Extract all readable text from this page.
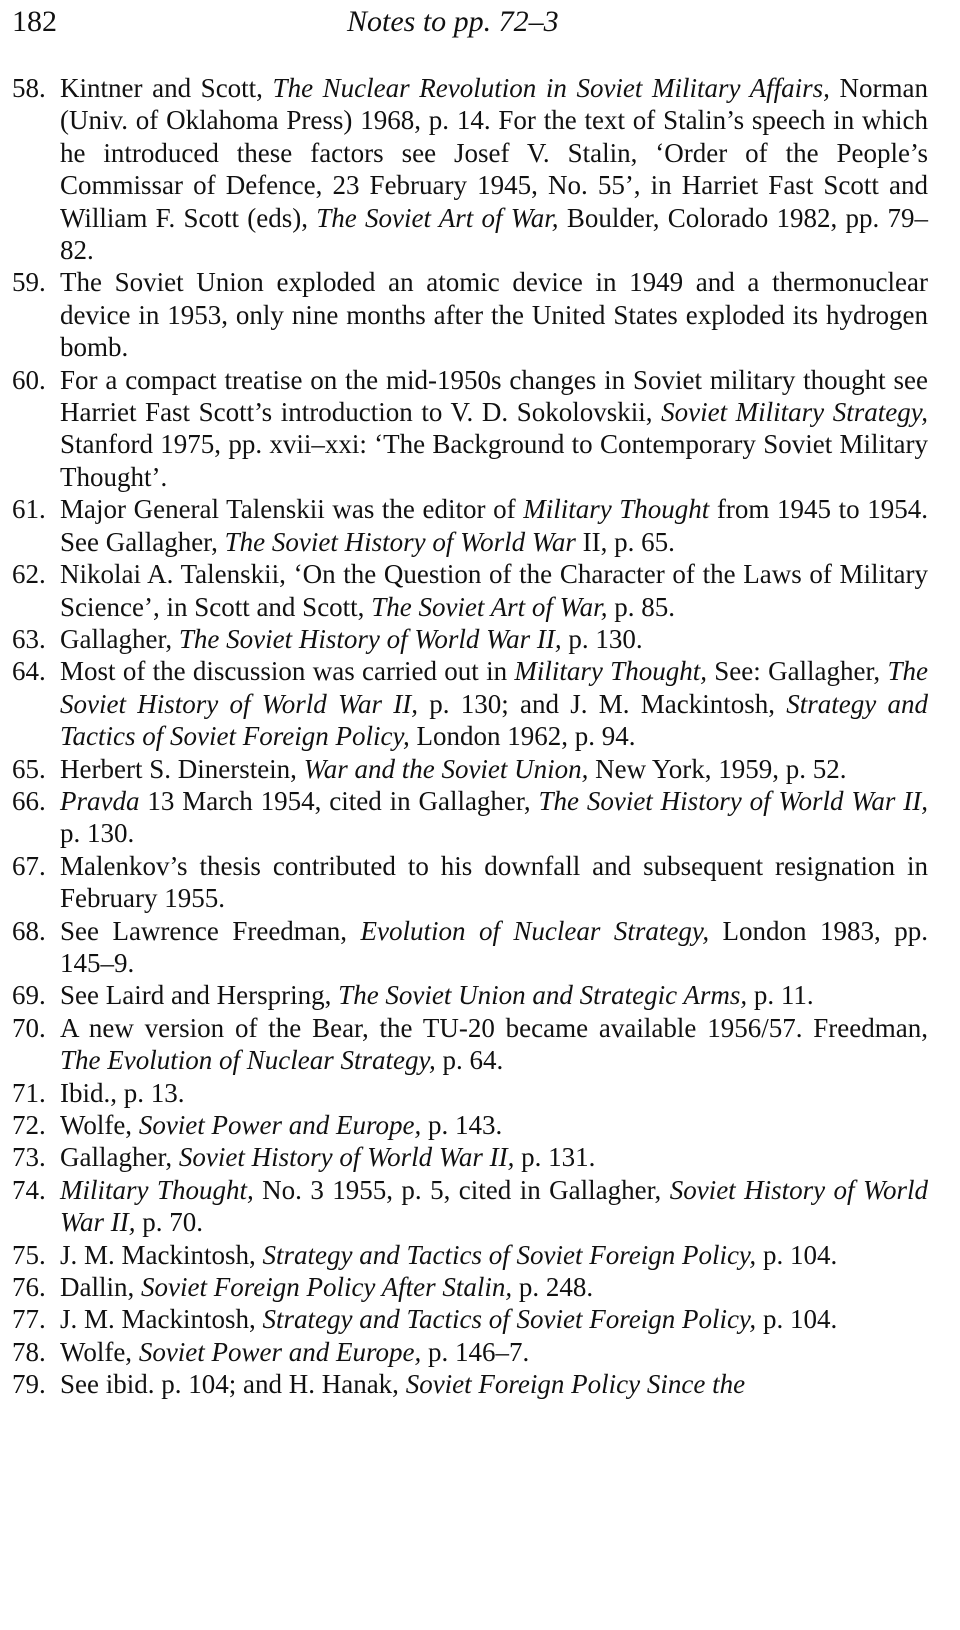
182	Notes to pp. 72–3
58. Kintner and Scott, The Nuclear Revolution in Soviet Military Affairs, Norman (Univ. of Oklahoma Press) 1968, p. 14. For the text of Stalin’s speech in which he introduced these factors see Josef V. Stalin, ‘Order of the People’s Commissar of Defence, 23 February 1945, No. 55’, in Harriet Fast Scott and William F. Scott (eds), The Soviet Art of War, Boulder, Colorado 1982, pp. 79–82.
59. The Soviet Union exploded an atomic device in 1949 and a thermonuclear device in 1953, only nine months after the United States exploded its hydrogen bomb.
60. For a compact treatise on the mid-1950s changes in Soviet military thought see Harriet Fast Scott’s introduction to V. D. Sokolovskii, Soviet Military Strategy, Stanford 1975, pp. xvii–xxi: ‘The Background to Contemporary Soviet Military Thought’.
61. Major General Talenskii was the editor of Military Thought from 1945 to 1954. See Gallagher, The Soviet History of World War II, p. 65.
62. Nikolai A. Talenskii, ‘On the Question of the Character of the Laws of Military Science’, in Scott and Scott, The Soviet Art of War, p. 85.
63. Gallagher, The Soviet History of World War II, p. 130.
64. Most of the discussion was carried out in Military Thought, See: Gallagher, The Soviet History of World War II, p. 130; and J. M. Mackintosh, Strategy and Tactics of Soviet Foreign Policy, London 1962, p. 94.
65. Herbert S. Dinerstein, War and the Soviet Union, New York, 1959, p. 52.
66. Pravda 13 March 1954, cited in Gallagher, The Soviet History of World War II, p. 130.
67. Malenkov’s thesis contributed to his downfall and subsequent resignation in February 1955.
68. See Lawrence Freedman, Evolution of Nuclear Strategy, London 1983, pp. 145–9.
69. See Laird and Herspring, The Soviet Union and Strategic Arms, p. 11.
70. A new version of the Bear, the TU-20 became available 1956/57. Freedman, The Evolution of Nuclear Strategy, p. 64.
71. Ibid., p. 13.
72. Wolfe, Soviet Power and Europe, p. 143.
73. Gallagher, Soviet History of World War II, p. 131.
74. Military Thought, No. 3 1955, p. 5, cited in Gallagher, Soviet History of World War II, p. 70.
75. J. M. Mackintosh, Strategy and Tactics of Soviet Foreign Policy, p. 104.
76. Dallin, Soviet Foreign Policy After Stalin, p. 248.
77. J. M. Mackintosh, Strategy and Tactics of Soviet Foreign Policy, p. 104.
78. Wolfe, Soviet Power and Europe, p. 146–7.
79. See ibid. p. 104; and H. Hanak, Soviet Foreign Policy Since the
